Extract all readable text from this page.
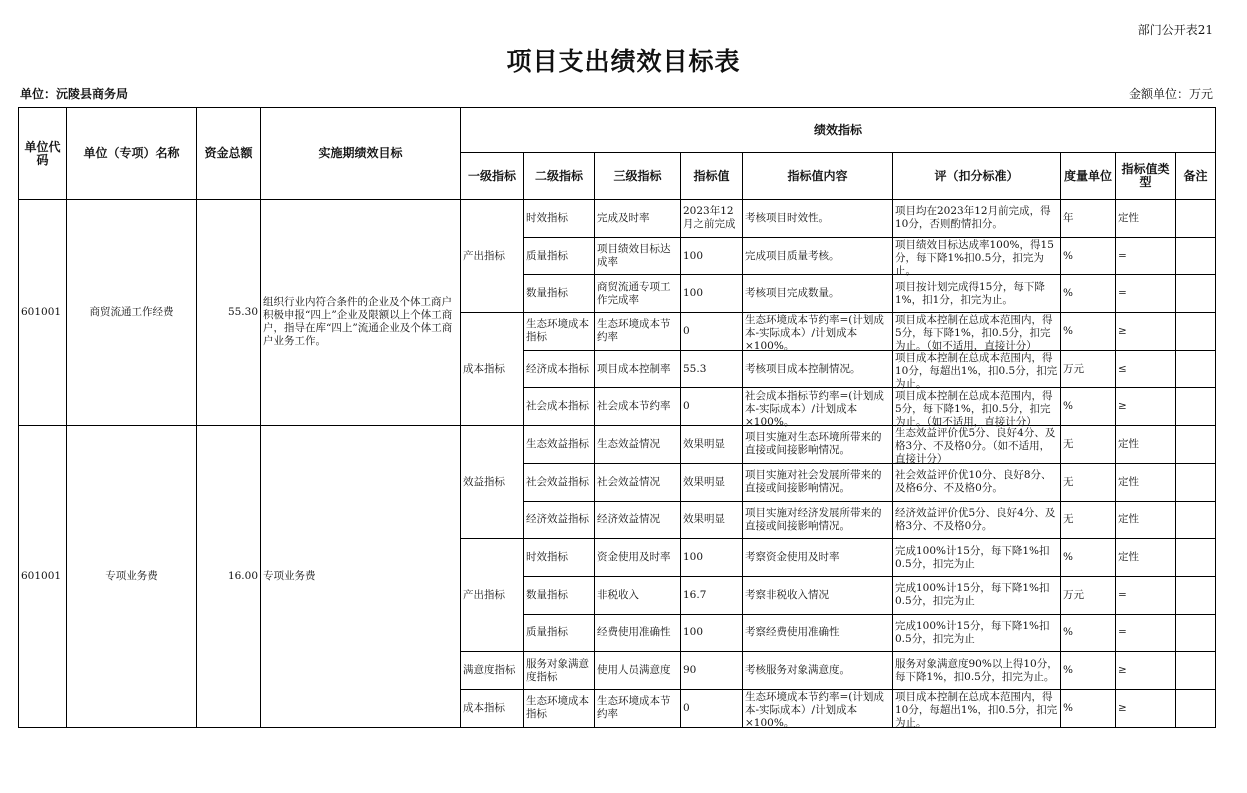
部门公开表21
项目支出绩效目标表
单位：沅陵县商务局	金额单位：万元
单位代码	单位（专项）名称	资金总额	实施期绩效目标	绩效指标								
				一级指标	二级指标	三级指标	指标值	指标值内容	评（扣分标准）	度量单位	指标值类型	备注

601001	商贸流通工作经费	55.30	组织行业内符合条件的企业及个体工商户积极申报“四上”企业及限额以上个体工商户，指导在库“四上”流通企业及个体工商户业务工作。	产出指标	时效指标	完成及时率	2023年12月之前完成	考核项目时效性。	项目均在2023年12月前完成，得10分，否则酌情扣分。	年	定性	

					质量指标	项目绩效目标达成率	100	完成项目质量考核。	项目绩效目标达成率100%，得15分，每下降1%扣0.5分，扣完为止。	%	=	

					数量指标	商贸流通专项工作完成率	100	考核项目完成数量。	项目按计划完成得15分，每下降1%，扣1分，扣完为止。	%	=	

				成本指标	生态环境成本指标	生态环境成本节约率	0	生态环境成本节约率=(计划成本-实际成本）/计划成本×100%。	项目成本控制在总成本范围内，得5分，每下降1%，扣0.5分，扣完为止。（如不适用，直接计分）	%	≥	

					经济成本指标	项目成本控制率	55.3	考核项目成本控制情况。	项目成本控制在总成本范围内，得10分，每超出1%，扣0.5分，扣完为止。	万元	≤	

					社会成本指标	社会成本节约率	0	社会成本指标节约率=(计划成本-实际成本）/计划成本×100%。	项目成本控制在总成本范围内，得5分，每下降1%，扣0.5分，扣完为止。（如不适用，直接计分）	%	≥	

601001	专项业务费	16.00	专项业务费	效益指标	生态效益指标	生态效益情况	效果明显	项目实施对生态环境所带来的直接或间接影响情况。	生态效益评价优5分、良好4分、及格3分、不及格0分。（如不适用，直接计分）	无	定性	

					社会效益指标	社会效益情况	效果明显	项目实施对社会发展所带来的直接或间接影响情况。	社会效益评价优10分、良好8分、及格6分、不及格0分。	无	定性	

					经济效益指标	经济效益情况	效果明显	项目实施对经济发展所带来的直接或间接影响情况。	经济效益评价优5分、良好4分、及格3分、不及格0分。	无	定性	

				产出指标	时效指标	资金使用及时率	100	考察资金使用及时率	完成100%计15分，每下降1%扣0.5分，扣完为止	%	定性	

					数量指标	非税收入	16.7	考察非税收入情况	完成100%计15分，每下降1%扣0.5分，扣完为止	万元	=	

					质量指标	经费使用准确性	100	考察经费使用准确性	完成100%计15分，每下降1%扣0.5分，扣完为止	%	=	

				满意度指标	服务对象满意度指标	使用人员满意度	90	考核服务对象满意度。	服务对象满意度90%以上得10分，每下降1%，扣0.5分，扣完为止。	%	≥	

				成本指标	生态环境成本指标	生态环境成本节约率	0	生态环境成本节约率=(计划成本-实际成本）/计划成本×100%。	项目成本控制在总成本范围内，得10分，每超出1%，扣0.5分，扣完为止。	%	≥	
